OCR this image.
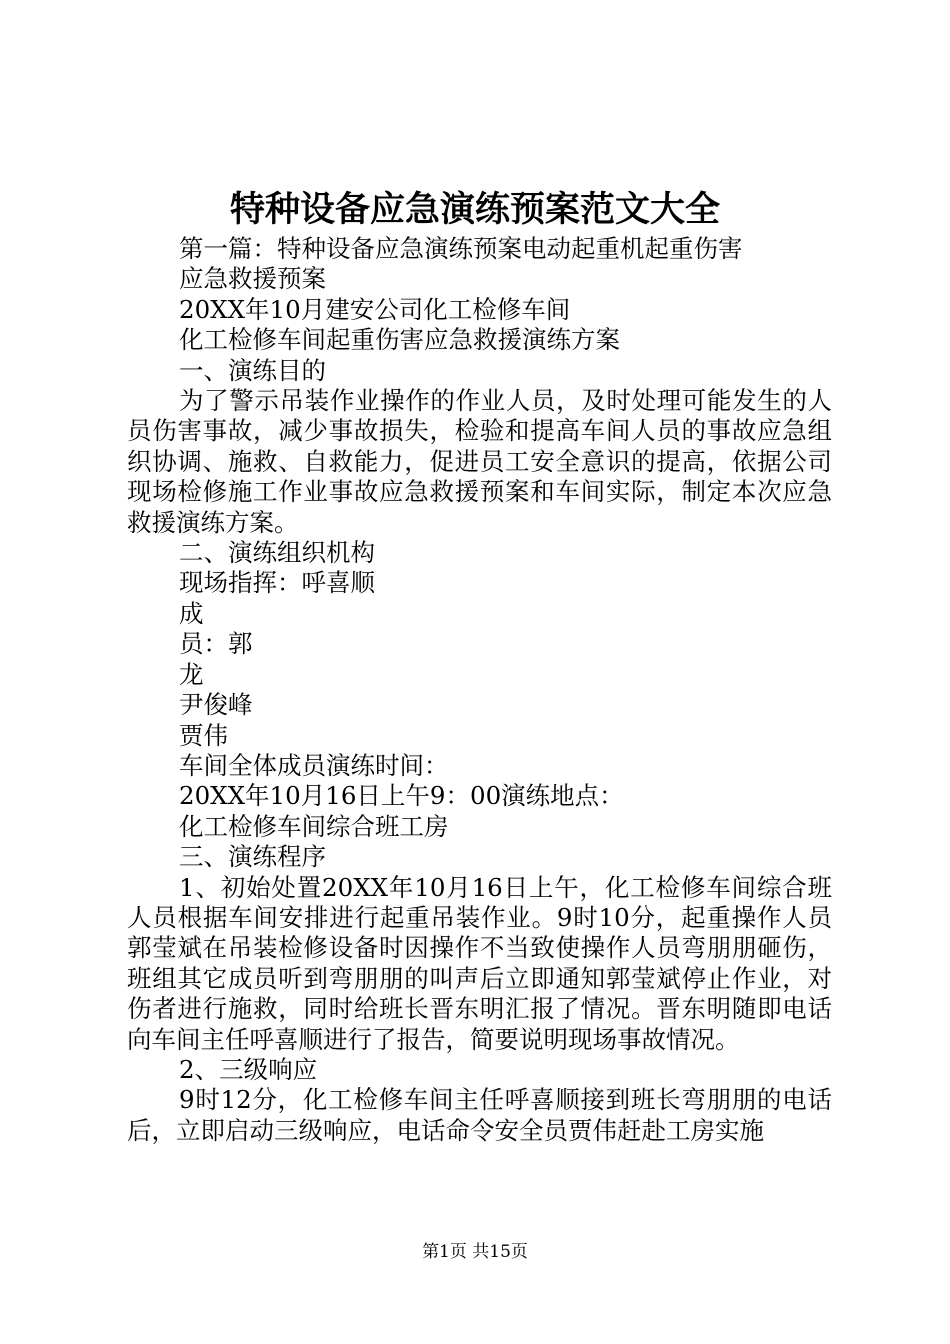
特种设备应急演练预案范文大全
第一篇：特种设备应急演练预案电动起重机起重伤害
应急救援预案
20XX年10月建安公司化工检修车间
化工检修车间起重伤害应急救援演练方案
一、演练目的
为了警示吊装作业操作的作业人员，及时处理可能发生的人员伤害事故，减少事故损失，检验和提高车间人员的事故应急组织协调、施救、自救能力，促进员工安全意识的提高，依据公司现场检修施工作业事故应急救援预案和车间实际，制定本次应急救援演练方案。
二、演练组织机构
现场指挥：呼喜顺
成
员：郭
龙
尹俊峰
贾伟
车间全体成员演练时间：
20XX年10月16日上午9：00演练地点：
化工检修车间综合班工房
三、演练程序
1、初始处置20XX年10月16日上午，化工检修车间综合班人员根据车间安排进行起重吊装作业。9时10分，起重操作人员郭莹斌在吊装检修设备时因操作不当致使操作人员弯朋朋砸伤，班组其它成员听到弯朋朋的叫声后立即通知郭莹斌停止作业，对伤者进行施救，同时给班长晋东明汇报了情况。晋东明随即电话向车间主任呼喜顺进行了报告，简要说明现场事故情况。
2、三级响应
9时12分，化工检修车间主任呼喜顺接到班长弯朋朋的电话后，立即启动三级响应，电话命令安全员贾伟赶赴工房实施
第1页 共15页
